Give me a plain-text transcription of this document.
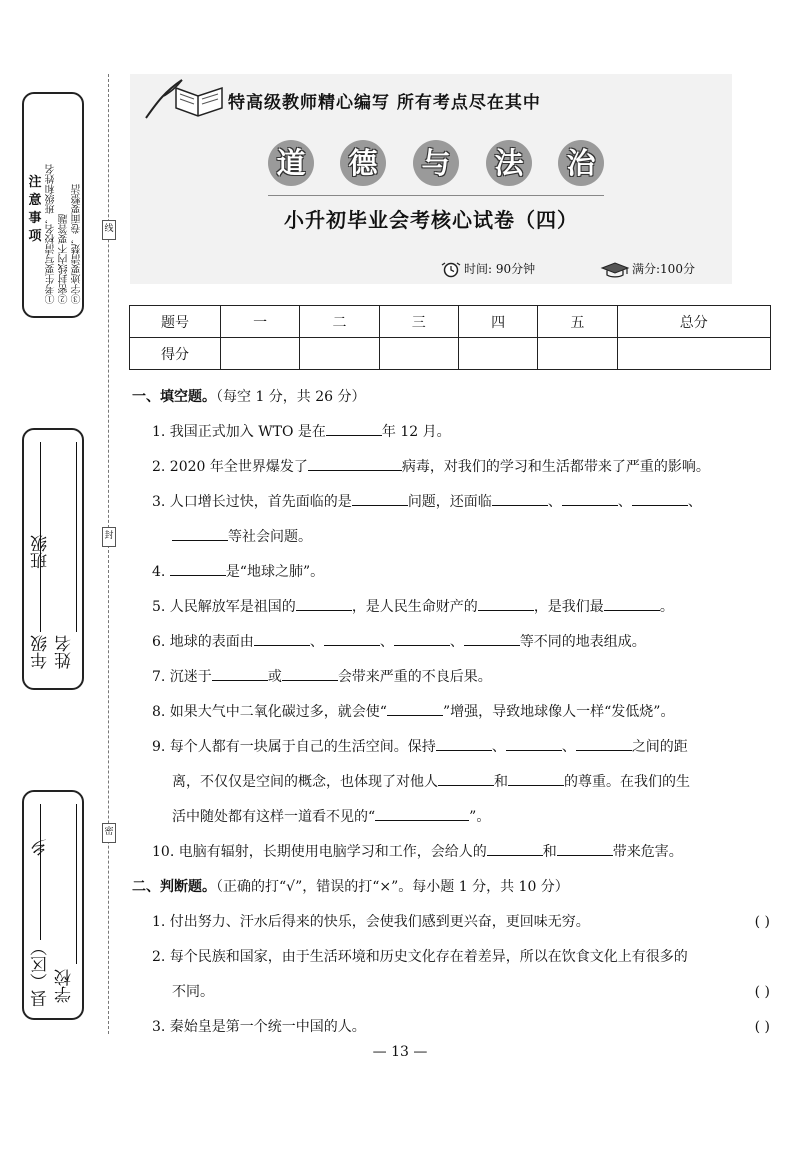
注意事项 ①考生要写清校名，班级和姓名 ②密封线内不要答题 ③字迹要清楚，卷面要整洁
年级
班级
姓名
县（区）
乡
学校
线
封
密
特高级教师精心编写 所有考点尽在其中
道 德 与 法 治
小升初毕业会考核心试卷（四）
时间: 90分钟	满分:100分
题号	一	二	三	四	五	总分
得分						
一、填空题。（每空 1 分，共 26 分）
1. 我国正式加入 WTO 是在	年 12 月。
2. 2020 年全世界爆发了	病毒，对我们的学习和生活都带来了严重的影响。
3. 人口增长过快，首先面临的是	问题，还面临	、	、	、
等社会问题。
4.	是“地球之肺”。
5. 人民解放军是祖国的	，是人民生命财产的	，是我们最	。
6. 地球的表面由	、	、	、	等不同的地表组成。
7. 沉迷于	或	会带来严重的不良后果。
8. 如果大气中二氧化碳过多，就会使“	”增强，导致地球像人一样“发低烧”。
9. 每个人都有一块属于自己的生活空间。保持	、	、	之间的距
离，不仅仅是空间的概念，也体现了对他人	和	的尊重。在我们的生
活中随处都有这样一道看不见的“	”。
10. 电脑有辐射，长期使用电脑学习和工作，会给人的	和	带来危害。
二、判断题。（正确的打“√”，错误的打“×”。每小题 1 分，共 10 分）
1. 付出努力、汗水后得来的快乐，会使我们感到更兴奋，更回味无穷。	( )
2. 每个民族和国家，由于生活环境和历史文化存在着差异，所以在饮食文化上有很多的
不同。	( )
3. 秦始皇是第一个统一中国的人。	( )
— 13 —
